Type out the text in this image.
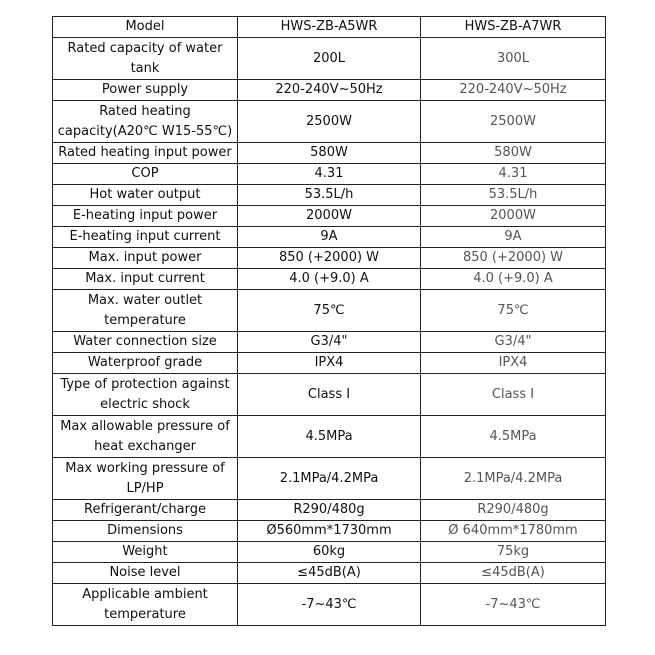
Model	HWS-ZB-A5WR	HWS-ZB-A7WR
Rated capacity of water tank	200L	300L
Power supply	220-240V~50Hz	220-240V~50Hz
Rated heating capacity(A20℃ W15-55℃)	2500W	2500W
Rated heating input power	580W	580W
COP	4.31	4.31
Hot water output	53.5L/h	53.5L/h
E-heating input power	2000W	2000W
E-heating input current	9A	9A
Max. input power	850 (+2000) W	850 (+2000) W
Max. input current	4.0 (+9.0) A	4.0 (+9.0) A
Max. water outlet temperature	75℃	75℃
Water connection size	G3/4"	G3/4"
Waterproof grade	IPX4	IPX4
Type of protection against electric shock	Class I	Class I
Max allowable pressure of heat exchanger	4.5MPa	4.5MPa
Max working pressure of LP/HP	2.1MPa/4.2MPa	2.1MPa/4.2MPa
Refrigerant/charge	R290/480g	R290/480g
Dimensions	Ø560mm*1730mm	Ø 640mm*1780mm
Weight	60kg	75kg
Noise level	≤45dB(A)	≤45dB(A)
Applicable ambient temperature	-7~43℃	-7~43℃
